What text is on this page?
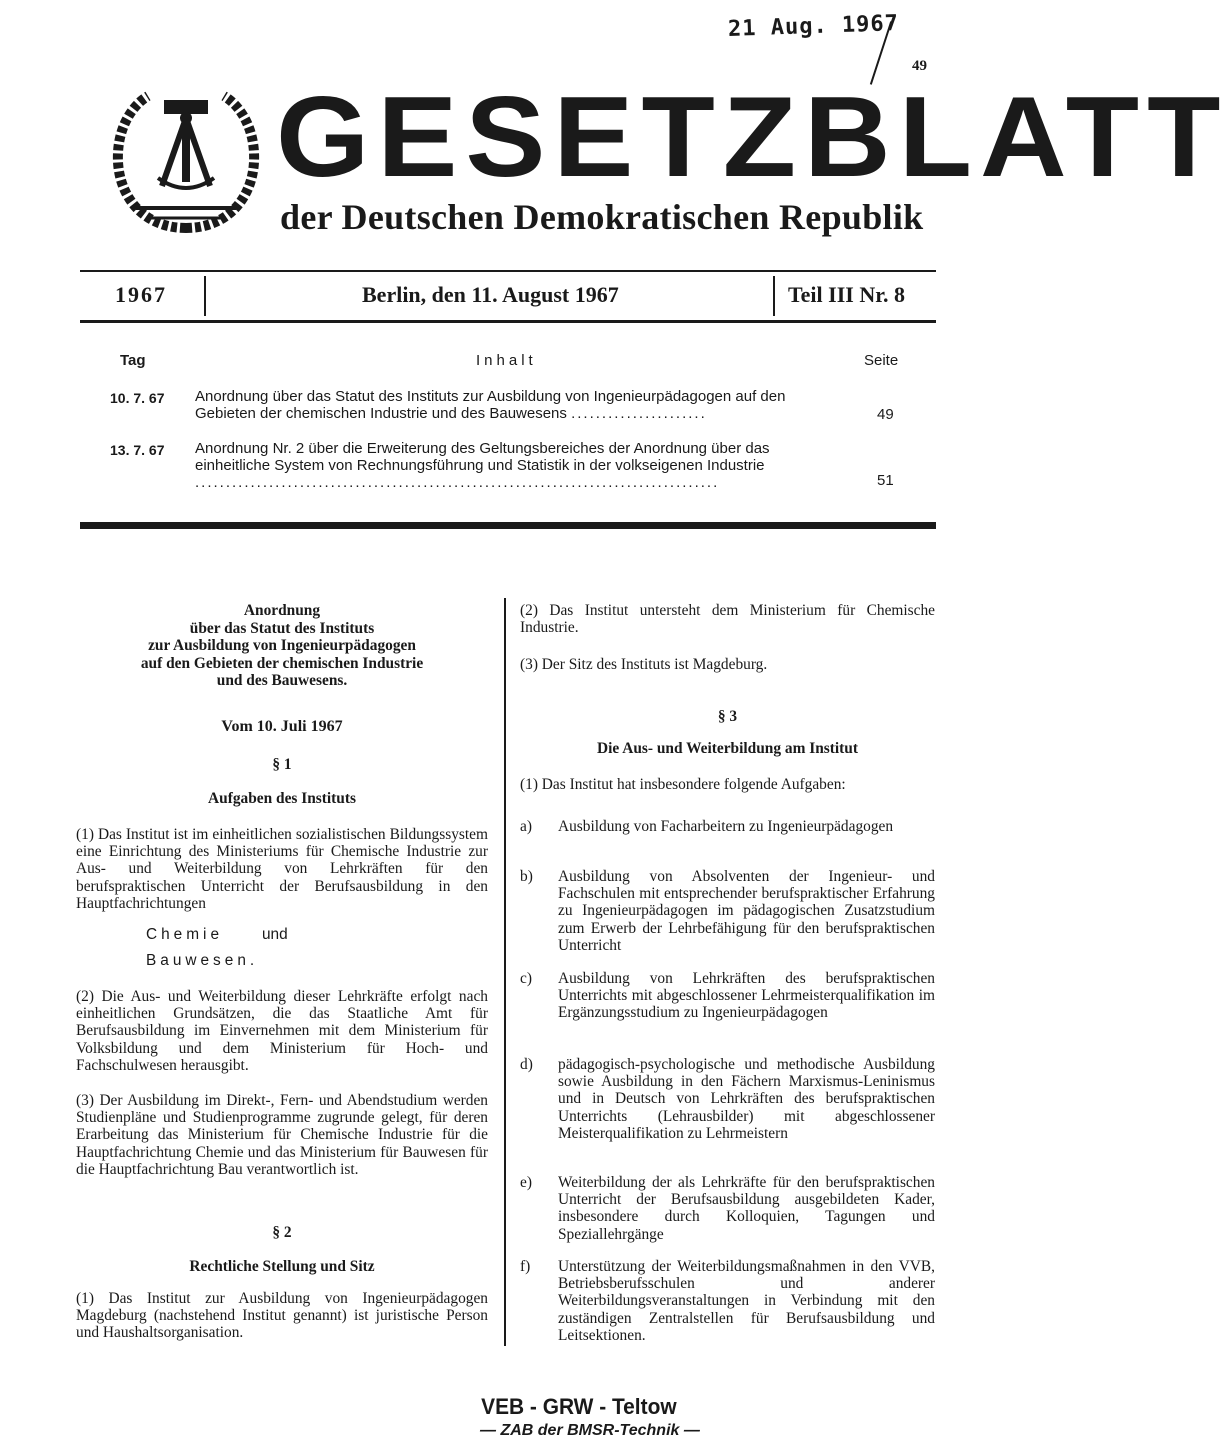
21 Aug. 1967
49
GESETZBLATT
der Deutschen Demokratischen Republik
1967	Berlin, den 11. August 1967	Teil III Nr. 8
Tag	Inhalt	Seite
10. 7. 67 Anordnung über das Statut des Instituts zur Ausbildung von Ingenieurpädagogen auf den Gebieten der chemischen Industrie und des Bauwesens ......................	49
13. 7. 67 Anordnung Nr. 2 über die Erweiterung des Geltungsbereiches der Anordnung über das einheitliche System von Rechnungsführung und Statistik in der volkseigenen Industrie .....................................................................................	51
Anordnung
über das Statut des Instituts
zur Ausbildung von Ingenieurpädagogen
auf den Gebieten der chemischen Industrie
und des Bauwesens.
Vom 10. Juli 1967
§ 1
Aufgaben des Instituts
(1) Das Institut ist im einheitlichen sozialistischen Bildungssystem eine Einrichtung des Ministeriums für Chemische Industrie zur Aus- und Weiterbildung von Lehrkräften für den berufspraktischen Unterricht der Berufsausbildung in den Hauptfachrichtungen
Chemie	und
Bauwesen.
(2) Die Aus- und Weiterbildung dieser Lehrkräfte erfolgt nach einheitlichen Grundsätzen, die das Staatliche Amt für Berufsausbildung im Einvernehmen mit dem Ministerium für Volksbildung und dem Ministerium für Hoch- und Fachschulwesen herausgibt.
(3) Der Ausbildung im Direkt-, Fern- und Abendstudium werden Studienpläne und Studienprogramme zugrunde gelegt, für deren Erarbeitung das Ministerium für Chemische Industrie für die Hauptfachrichtung Chemie und das Ministerium für Bauwesen für die Hauptfachrichtung Bau verantwortlich ist.
§ 2
Rechtliche Stellung und Sitz
(1) Das Institut zur Ausbildung von Ingenieurpädagogen Magdeburg (nachstehend Institut genannt) ist juristische Person und Haushaltsorganisation.
(2) Das Institut untersteht dem Ministerium für Chemische Industrie.
(3) Der Sitz des Instituts ist Magdeburg.
§ 3
Die Aus- und Weiterbildung am Institut
(1) Das Institut hat insbesondere folgende Aufgaben:
a) Ausbildung von Facharbeitern zu Ingenieurpädagogen
b) Ausbildung von Absolventen der Ingenieur- und Fachschulen mit entsprechender berufspraktischer Erfahrung zu Ingenieurpädagogen im pädagogischen Zusatzstudium zum Erwerb der Lehrbefähigung für den berufspraktischen Unterricht
c) Ausbildung von Lehrkräften des berufspraktischen Unterrichts mit abgeschlossener Lehrmeisterqualifikation im Ergänzungsstudium zu Ingenieurpädagogen
d) pädagogisch-psychologische und methodische Ausbildung sowie Ausbildung in den Fächern Marxismus-Leninismus und in Deutsch von Lehrkräften des berufspraktischen Unterrichts (Lehrausbilder) mit abgeschlossener Meisterqualifikation zu Lehrmeistern
e) Weiterbildung der als Lehrkräfte für den berufspraktischen Unterricht der Berufsausbildung ausgebildeten Kader, insbesondere durch Kolloquien, Tagungen und Speziallehrgänge
f) Unterstützung der Weiterbildungsmaßnahmen in den VVB, Betriebsberufsschulen und anderer Weiterbildungsveranstaltungen in Verbindung mit den zuständigen Zentralstellen für Berufsausbildung und Leitsektionen.
VEB - GRW - Teltow
— ZAB der BMSR-Technik —
